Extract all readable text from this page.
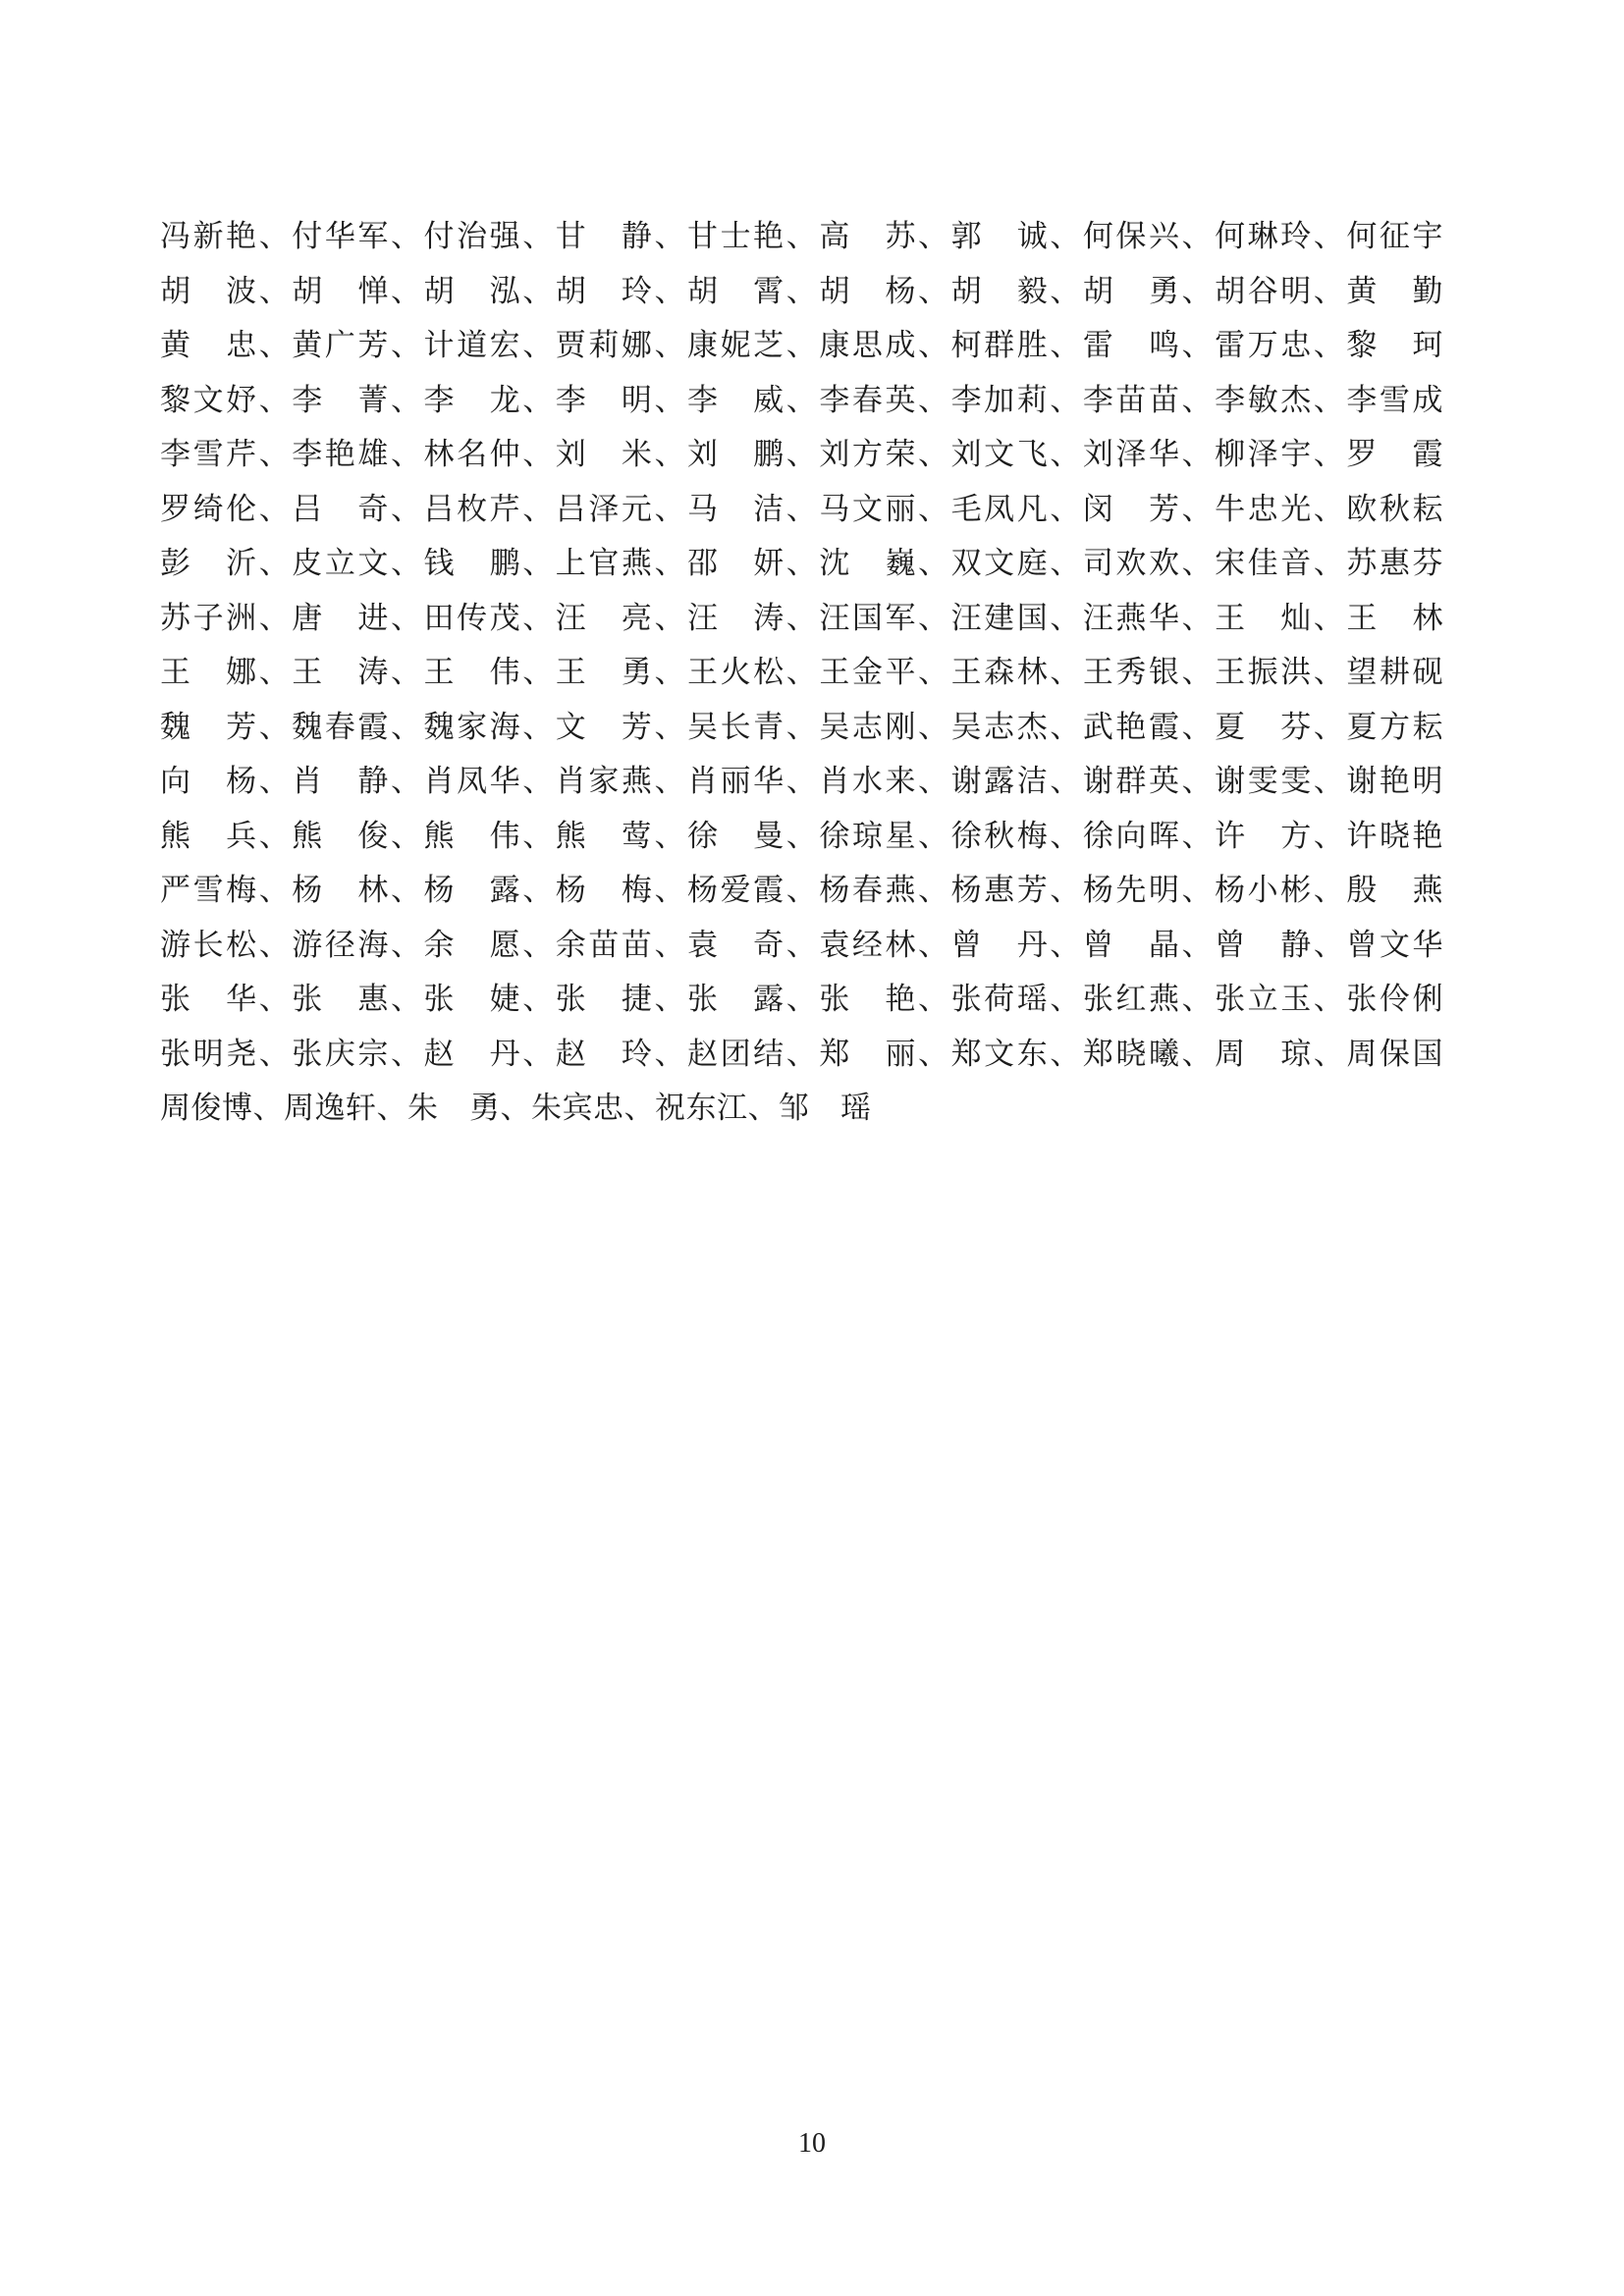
冯新艳、付华军、付治强、甘　静、甘士艳、高　苏、郭　诚、何保兴、何琳玲、何征宇
胡　波、胡　惮、胡　泓、胡　玲、胡　霄、胡　杨、胡　毅、胡　勇、胡谷明、黄　勤
黄　忠、黄广芳、计道宏、贾莉娜、康妮芝、康思成、柯群胜、雷　鸣、雷万忠、黎　珂
黎文妤、李　菁、李　龙、李　明、李　威、李春英、李加莉、李苗苗、李敏杰、李雪成
李雪芹、李艳雄、林名仲、刘　米、刘　鹏、刘方荣、刘文飞、刘泽华、柳泽宇、罗　霞
罗绮伦、吕　奇、吕枚芹、吕泽元、马　洁、马文丽、毛凤凡、闵　芳、牛忠光、欧秋耘
彭　沂、皮立文、钱　鹏、上官燕、邵　妍、沈　巍、双文庭、司欢欢、宋佳音、苏惠芬
苏子洲、唐　进、田传茂、汪　亮、汪　涛、汪国军、汪建国、汪燕华、王　灿、王　林
王　娜、王　涛、王　伟、王　勇、王火松、王金平、王森林、王秀银、王振洪、望耕砚
魏　芳、魏春霞、魏家海、文　芳、吴长青、吴志刚、吴志杰、武艳霞、夏　芬、夏方耘
向　杨、肖　静、肖凤华、肖家燕、肖丽华、肖水来、谢露洁、谢群英、谢雯雯、谢艳明
熊　兵、熊　俊、熊　伟、熊　莺、徐　曼、徐琼星、徐秋梅、徐向晖、许　方、许晓艳
严雪梅、杨　林、杨　露、杨　梅、杨爱霞、杨春燕、杨惠芳、杨先明、杨小彬、殷　燕
游长松、游径海、余　愿、余苗苗、袁　奇、袁经林、曾　丹、曾　晶、曾　静、曾文华
张　华、张　惠、张　婕、张　捷、张　露、张　艳、张荷瑶、张红燕、张立玉、张伶俐
张明尧、张庆宗、赵　丹、赵　玲、赵团结、郑　丽、郑文东、郑晓曦、周　琼、周保国
周俊博、周逸轩、朱　勇、朱宾忠、祝东江、邹　瑶
10
